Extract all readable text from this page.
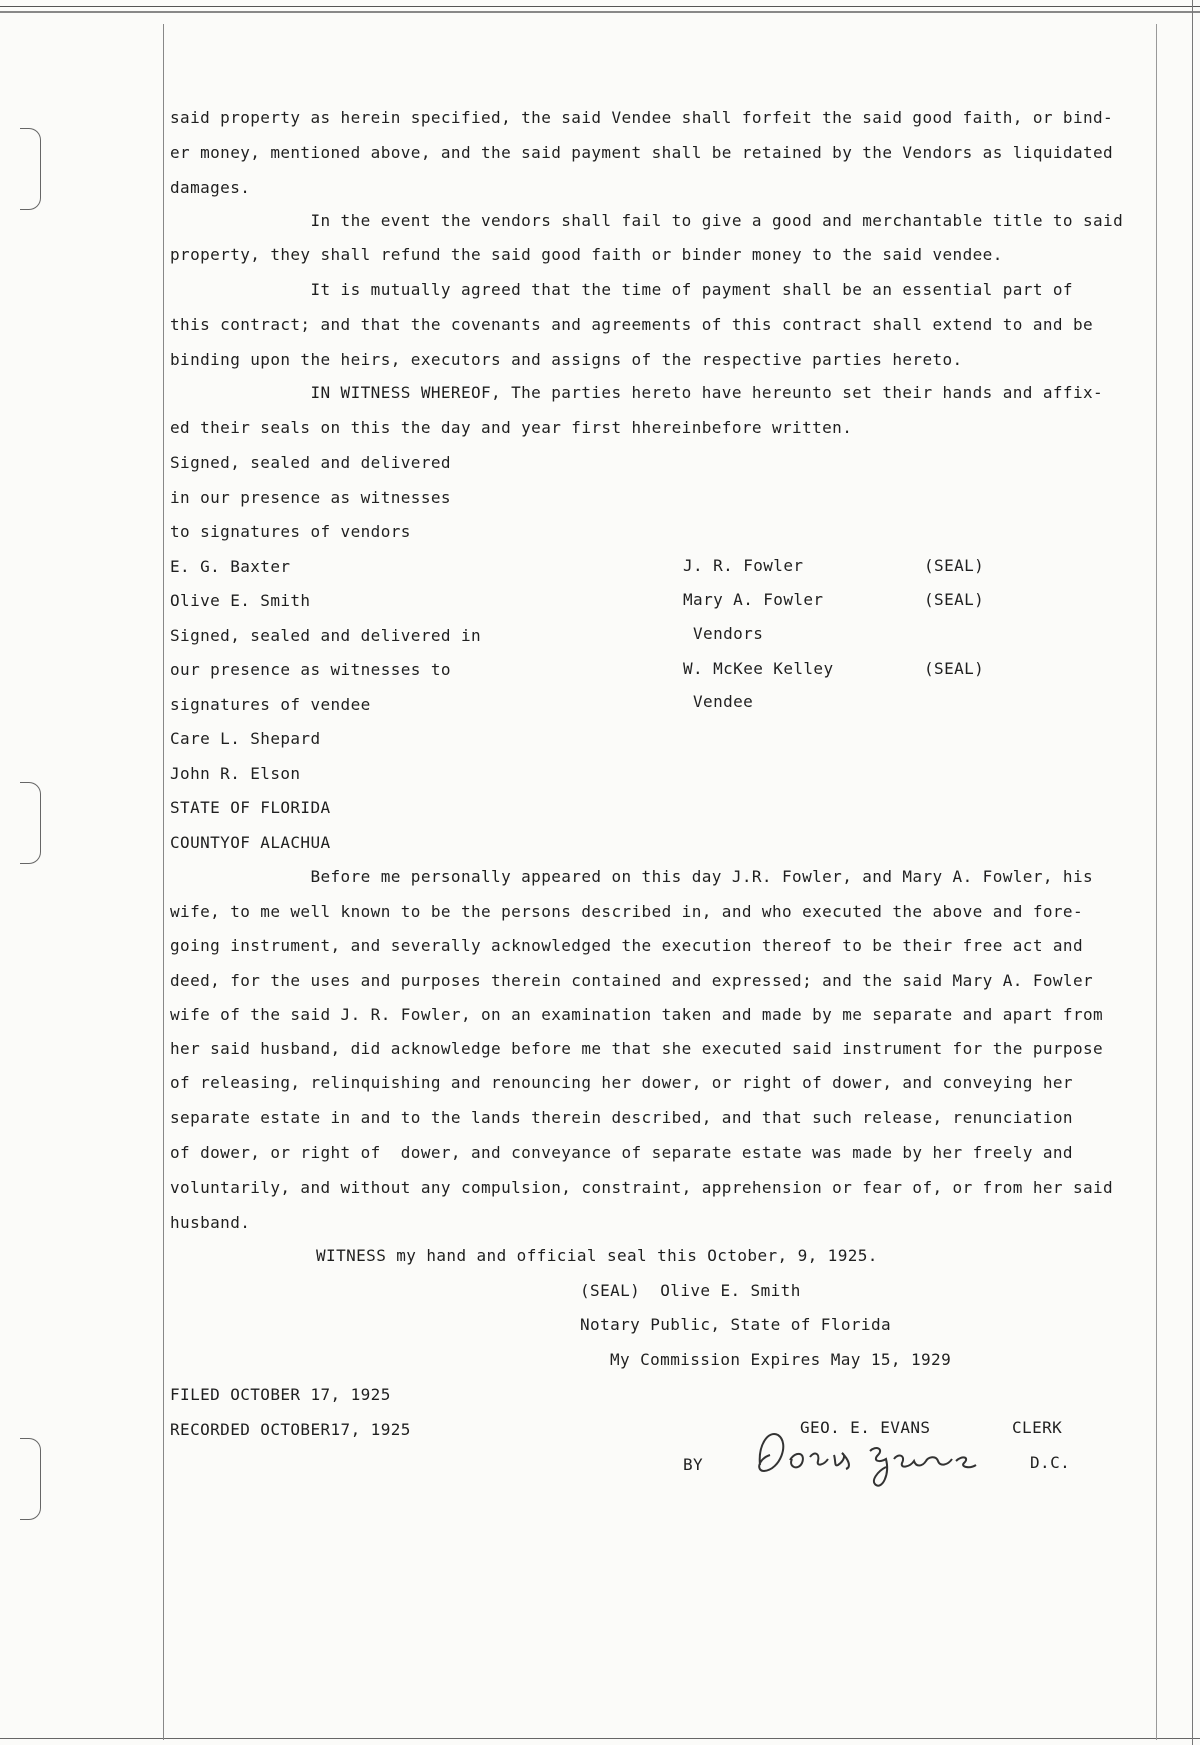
said property as herein specified, the said Vendee shall forfeit the said good faith, or bind-
er money, mentioned above, and the said payment shall be retained by the Vendors as liquidated
damages.
In the event the vendors shall fail to give a good and merchantable title to said
property, they shall refund the said good faith or binder money to the said vendee.
It is mutually agreed that the time of payment shall be an essential part of
this contract; and that the covenants and agreements of this contract shall extend to and be
binding upon the heirs, executors and assigns of the respective parties hereto.
IN WITNESS WHEREOF, The parties hereto have hereunto set their hands and affix-
ed their seals on this the day and year first hhereinbefore written.
Signed, sealed and delivered
in our presence as witnesses
to signatures of vendors
E. G. Baxter
Olive E. Smith
Signed, sealed and delivered in
our presence as witnesses to
signatures of vendee
Care L. Shepard
John R. Elson
STATE OF FLORIDA
COUNTYOF ALACHUA
J. R. Fowler	(SEAL)
Mary A. Fowler	(SEAL)
Vendors
W. McKee Kelley	(SEAL)
Vendee
Before me personally appeared on this day J.R. Fowler, and Mary A. Fowler, his
wife, to me well known to be the persons described in, and who executed the above and fore-
going instrument, and severally acknowledged the execution thereof to be their free act and
deed, for the uses and purposes therein contained and expressed; and the said Mary A. Fowler
wife of the said J. R. Fowler, on an examination taken and made by me separate and apart from
her said husband, did acknowledge before me that she executed said instrument for the purpose
of releasing, relinquishing and renouncing her dower, or right of dower, and conveying her
separate estate in and to the lands therein described, and that such release, renunciation
of dower, or right of  dower, and conveyance of separate estate was made by her freely and
voluntarily, and without any compulsion, constraint, apprehension or fear of, or from her said
husband.
WITNESS my hand and official seal this October, 9, 1925.
(SEAL)  Olive E. Smith
Notary Public, State of Florida
My Commission Expires May 15, 1929
FILED OCTOBER 17, 1925
RECORDED OCTOBER17, 1925	GEO. E. EVANS	CLERK
BY	D.C.
